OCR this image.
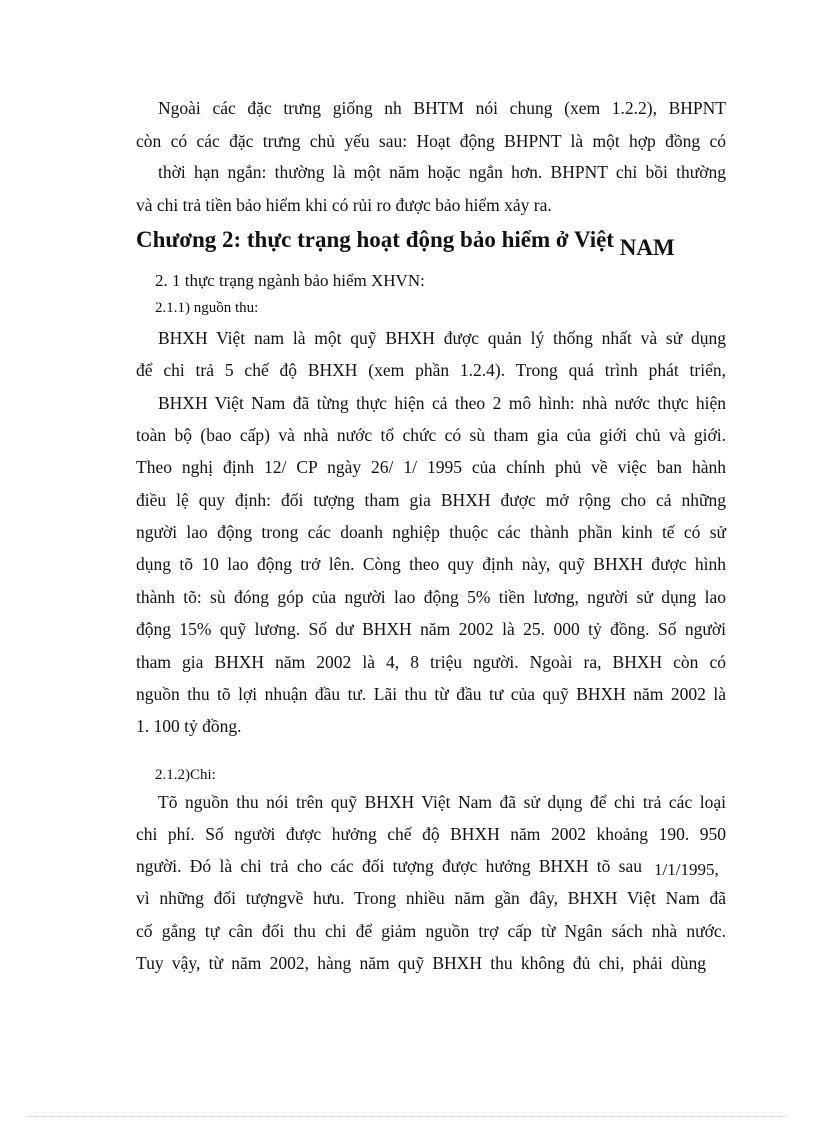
Ngoài các đặc trưng giống nh BHTM nói chung (xem 1.2.2), BHPNT
còn có các đặc trưng chủ yếu sau: Hoạt động BHPNT là một hợp đồng có
thời hạn ngắn: thường là một năm hoặc ngắn hơn. BHPNT chỉ bồi thường
và chi trả tiền bảo hiểm khi có rủi ro được bảo hiểm xảy ra.
Chương 2: thực trạng hoạt động bảo hiểm ở Việt NAM
2. 1 thực trạng ngành bảo hiểm XHVN:
2.1.1) nguồn thu:
BHXH Việt nam là một quỹ BHXH được quản lý thống nhất và sử dụng
để chi trả 5 chế độ BHXH (xem phần 1.2.4). Trong quá trình phát triển,
BHXH Việt Nam đã từng thực hiện cả theo 2 mô hình: nhà nước thực hiện
toàn bộ (bao cấp) và nhà nước tổ chức có sù tham gia của giới chủ và giới.
Theo nghị định 12/ CP ngày 26/ 1/ 1995 của chính phủ về việc ban hành
điều lệ quy định: đối tượng tham gia BHXH được mở rộng cho cả những
người lao động trong các doanh nghiệp thuộc các thành phần kinh tế có sử
dụng tõ 10 lao động trở lên. Còng theo quy định này, quỹ BHXH được hình
thành tõ: sù đóng góp của người lao động 5% tiền lương, người sử dụng lao
động 15% quỹ lương. Số dư BHXH năm 2002 là 25. 000 tỷ đồng. Số người
tham gia BHXH năm 2002 là 4, 8 triệu người. Ngoài ra, BHXH còn có
nguồn thu tõ lợi nhuận đầu tư. Lãi thu từ đầu tư của quỹ BHXH năm 2002 là
1. 100 tỷ đồng.
2.1.2)Chi:
Tõ nguồn thu nói trên quỹ BHXH Việt Nam đã sử dụng để chi trả các loại
chi phí. Số người được hưởng chế độ BHXH năm 2002 khoảng 190. 950
người. Đó là chi trả cho các đối tượng được hưởng BHXH tõ sau 1/1/1995,
vì những đối tượngvề hưu. Trong nhiều năm gần đây, BHXH Việt Nam đã
cố gắng tự cân đối thu chi để giảm nguồn trợ cấp từ Ngân sách nhà nước.
Tuy vậy, từ năm 2002, hàng năm quỹ BHXH thu không đủ chi, phải dùng
